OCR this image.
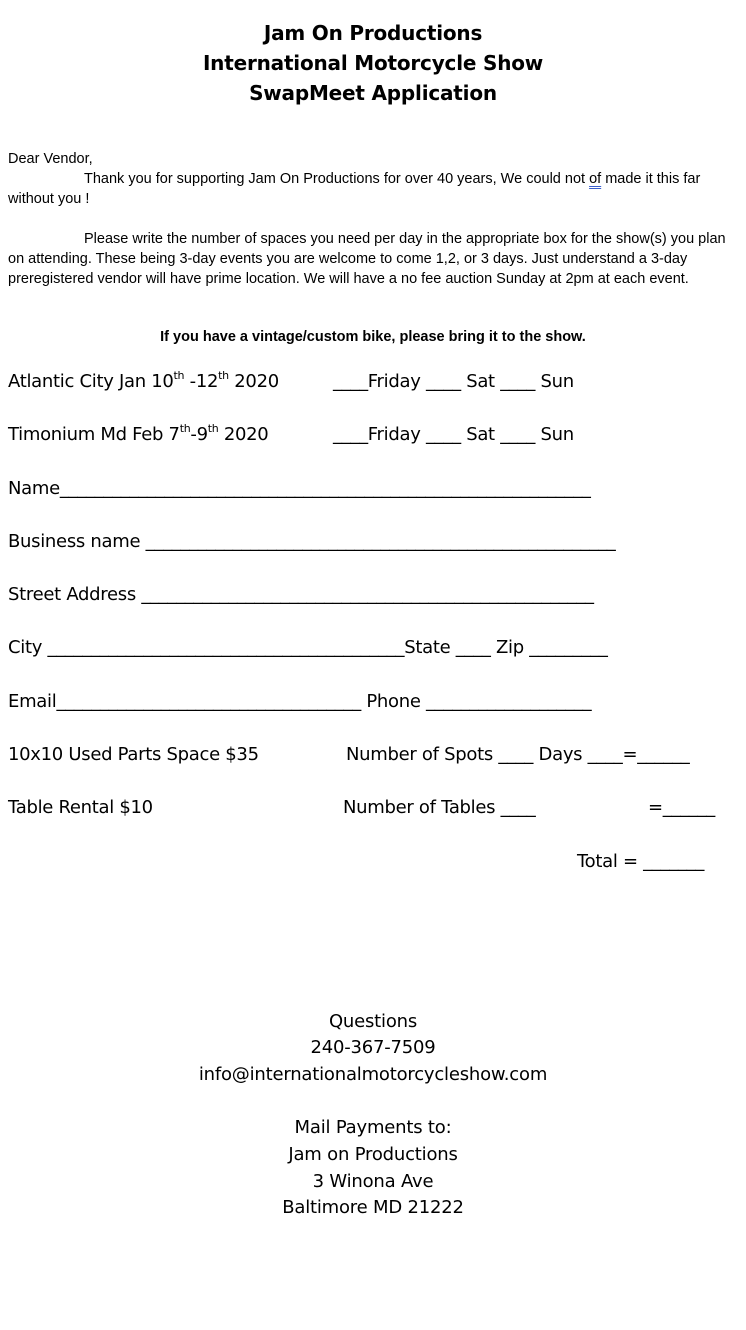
Jam On Productions
International Motorcycle Show
SwapMeet Application
Dear Vendor,
Thank you for supporting Jam On Productions for over 40 years, We could not of made it this far without you !
Please write the number of spaces you need per day in the appropriate box for the show(s) you plan on attending. These being 3-day events you are welcome to come 1,2, or 3 days. Just understand a 3-day preregistered vendor will have prime location. We will have a no fee auction Sunday at 2pm at each event.
If you have a vintage/custom bike, please bring it to the show.
Atlantic City Jan 10th -12th 2020	____Friday ____ Sat ____ Sun
Timonium Md Feb 7th-9th 2020	____Friday ____ Sat ____ Sun
Name_____________________________________________________________
Business name ______________________________________________________
Street Address ____________________________________________________
City _________________________________________State ____ Zip _________
Email___________________________________ Phone ___________________
10x10 Used Parts Space $35	Number of Spots ____ Days ____=______
Table Rental $10	Number of Tables ____	=______
Total = _______
Questions
240-367-7509
info@internationalmotorcycleshow.com
Mail Payments to:
Jam on Productions
3 Winona Ave
Baltimore MD 21222
